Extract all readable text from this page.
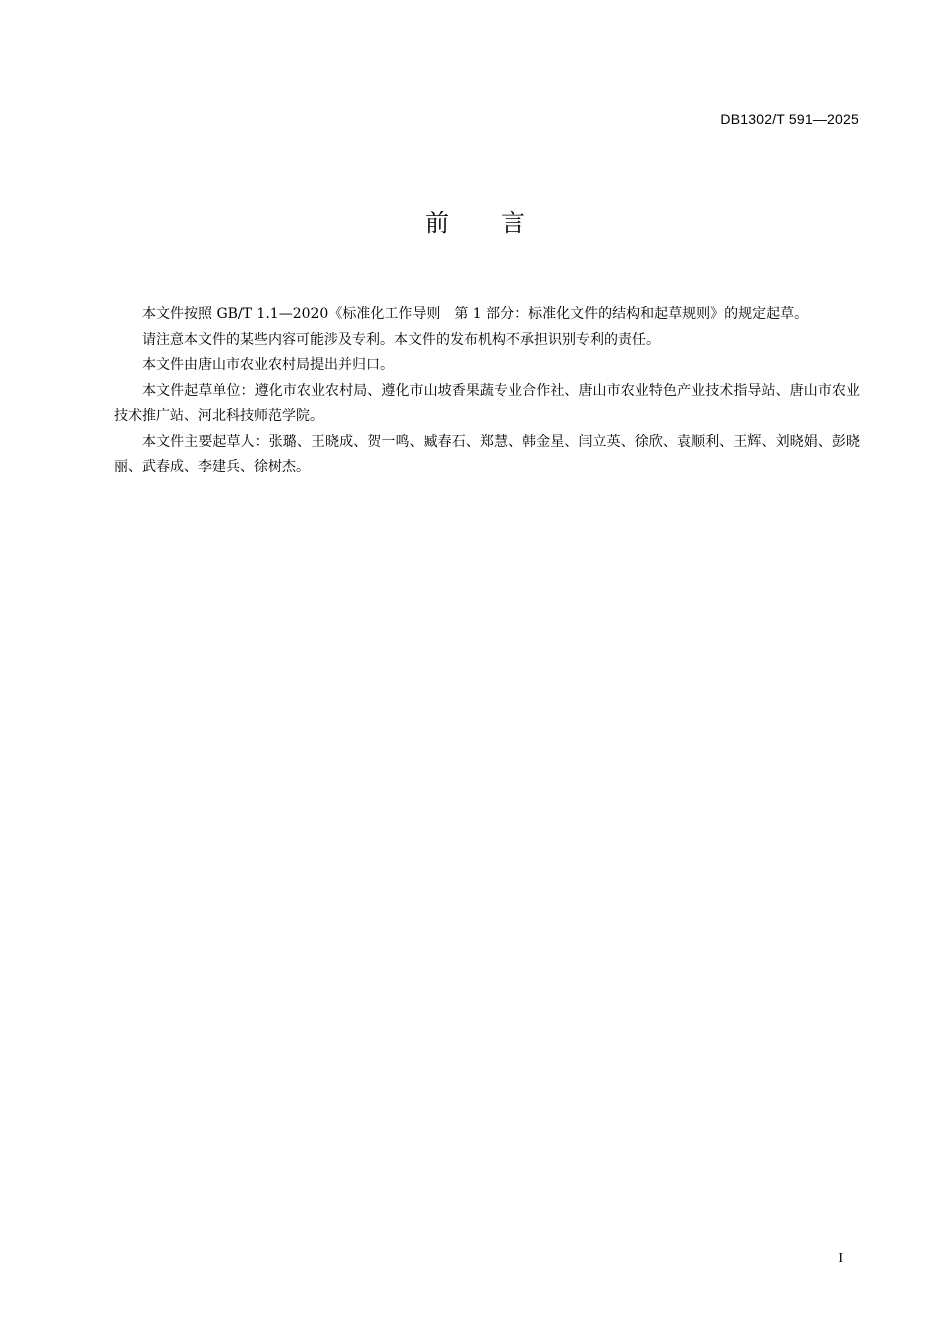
DB1302/T 591—2025
前 言

本文件按照 GB/T 1.1—2020《标准化工作导则　第 1 部分：标准化文件的结构和起草规则》的规定起草。

请注意本文件的某些内容可能涉及专利。本文件的发布机构不承担识别专利的责任。

本文件由唐山市农业农村局提出并归口。

本文件起草单位：遵化市农业农村局、遵化市山坡香果蔬专业合作社、唐山市农业特色产业技术指导站、唐山市农业技术推广站、河北科技师范学院。

本文件主要起草人：张璐、王晓成、贺一鸣、臧春石、郑慧、韩金星、闫立英、徐欣、袁顺利、王辉、刘晓娟、彭晓丽、武春成、李建兵、徐树杰。

I
